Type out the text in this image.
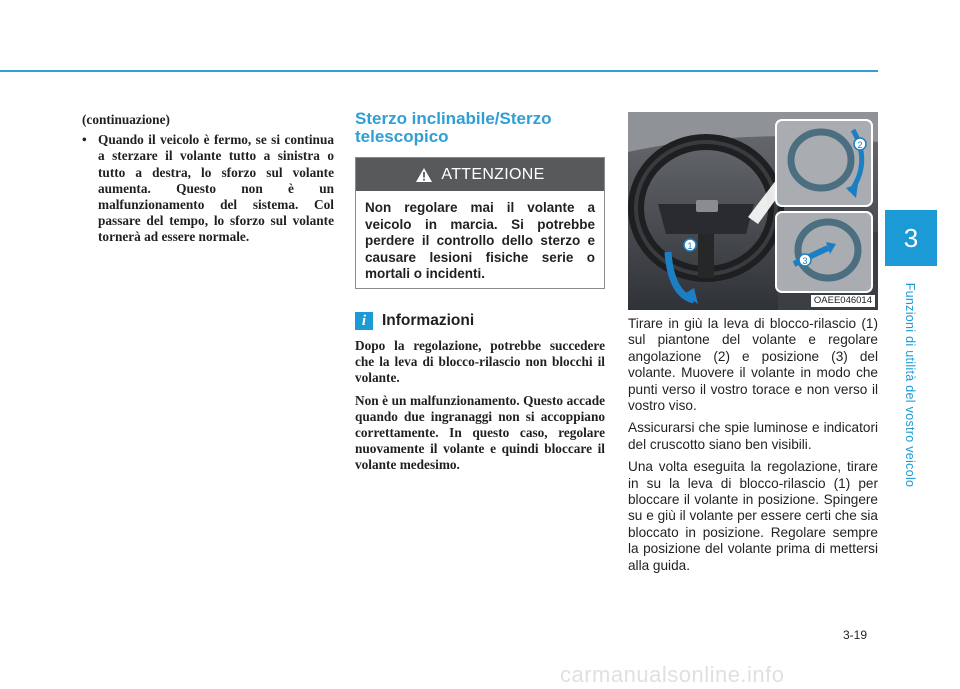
3
Funzioni di utilità del vostro veicolo

(continuazione)

• Quando il veicolo è fermo, se si continua a sterzare il volante tutto a sinistra o tutto a destra, lo sforzo sul volante aumenta. Questo non è un malfunzionamento del sistema. Col passare del tempo, lo sforzo sul volante tornerà ad essere normale.

Sterzo inclinabile/Sterzo telescopico
ATTENZIONE
Non regolare mai il volante a veicolo in marcia. Si potrebbe perdere il controllo dello sterzo e causare lesioni fisiche serie o mortali o incidenti.
i	Informazioni

Dopo la regolazione, potrebbe succedere che la leva di blocco-rilascio non blocchi il volante.

Non è un malfunzionamento. Questo accade quando due ingranaggi non si accoppiano correttamente. In questo caso, regolare nuovamente il volante e quindi bloccare il volante medesimo.

1
2
3
OAEE046014

Tirare in giù la leva di blocco-rilascio (1) sul piantone del volante e regolare angolazione (2) e posizione (3) del volante. Muovere il volante in modo che punti verso il vostro torace e non verso il vostro viso.

Assicurarsi che spie luminose e indicatori del cruscotto siano ben visibili.

Una volta eseguita la regolazione, tirare in su la leva di blocco-rilascio (1) per bloccare il volante in posizione. Spingere su e giù il volante per essere certi che sia bloccato in posizione. Regolare sempre la posizione del volante prima di mettersi alla guida.

3-19
carmanualsonline.info
